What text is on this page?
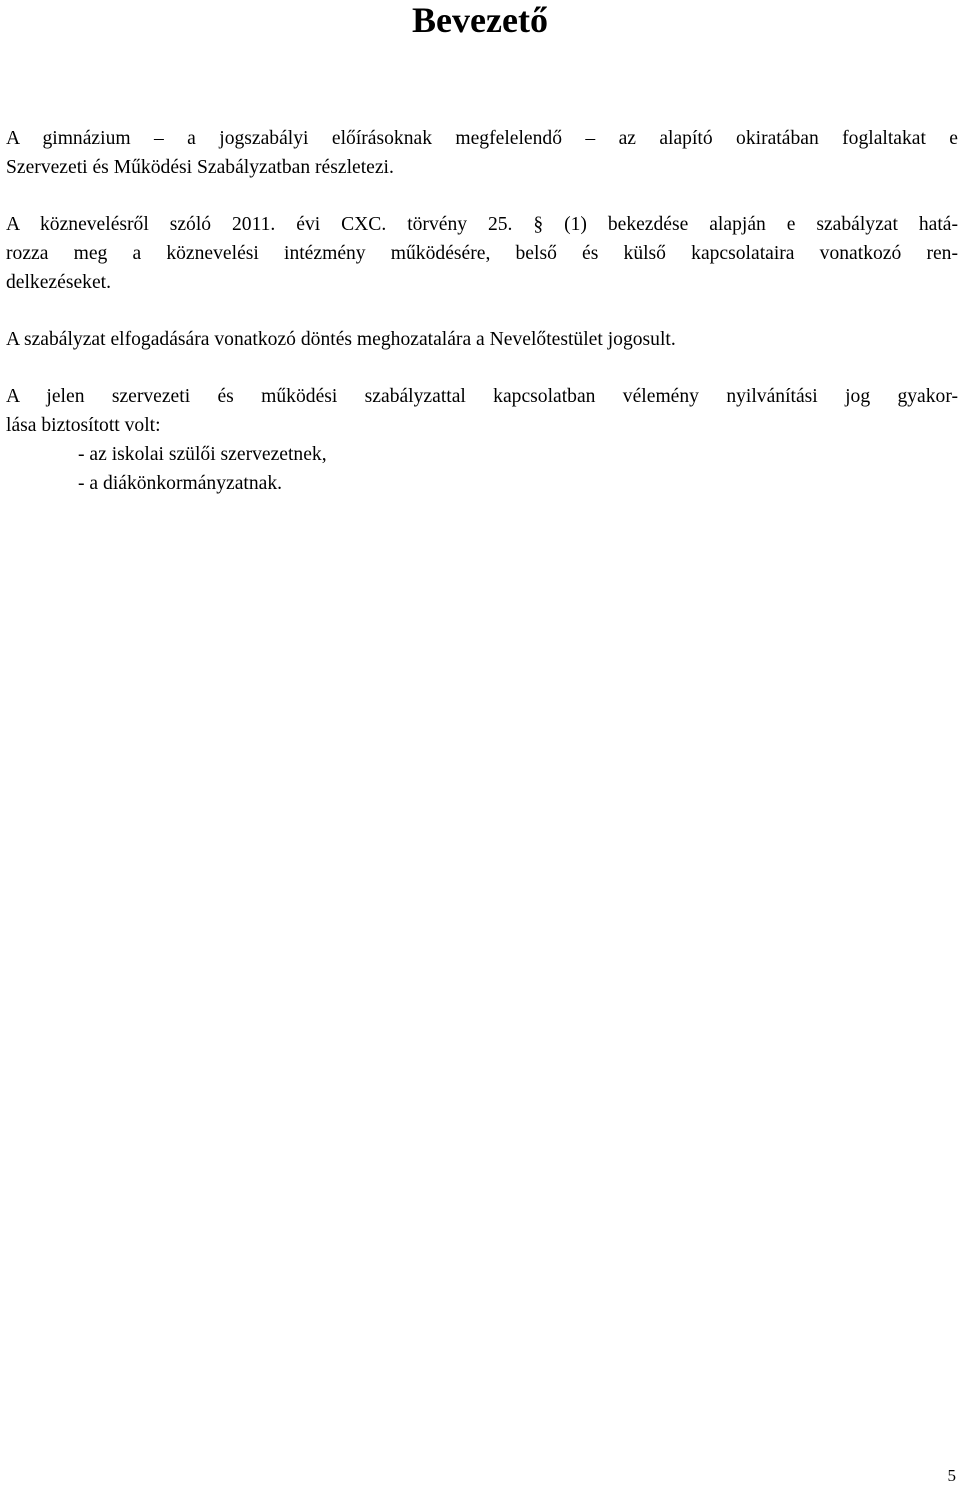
Bevezető
A gimnázium – a jogszabályi előírásoknak megfelelendő – az alapító okiratában foglaltakat e
Szervezeti és Működési Szabályzatban részletezi.
A köznevelésről szóló 2011. évi CXC. törvény 25. § (1) bekezdése alapján e szabályzat hatá-
rozza meg a köznevelési intézmény működésére, belső és külső kapcsolataira vonatkozó ren-
delkezéseket.
A szabályzat elfogadására vonatkozó döntés meghozatalára a Nevelőtestület jogosult.
A jelen szervezeti és működési szabályzattal kapcsolatban vélemény nyilvánítási jog gyakor-
lása biztosított volt:
- az iskolai szülői szervezetnek,
- a diákönkormányzatnak.
5
